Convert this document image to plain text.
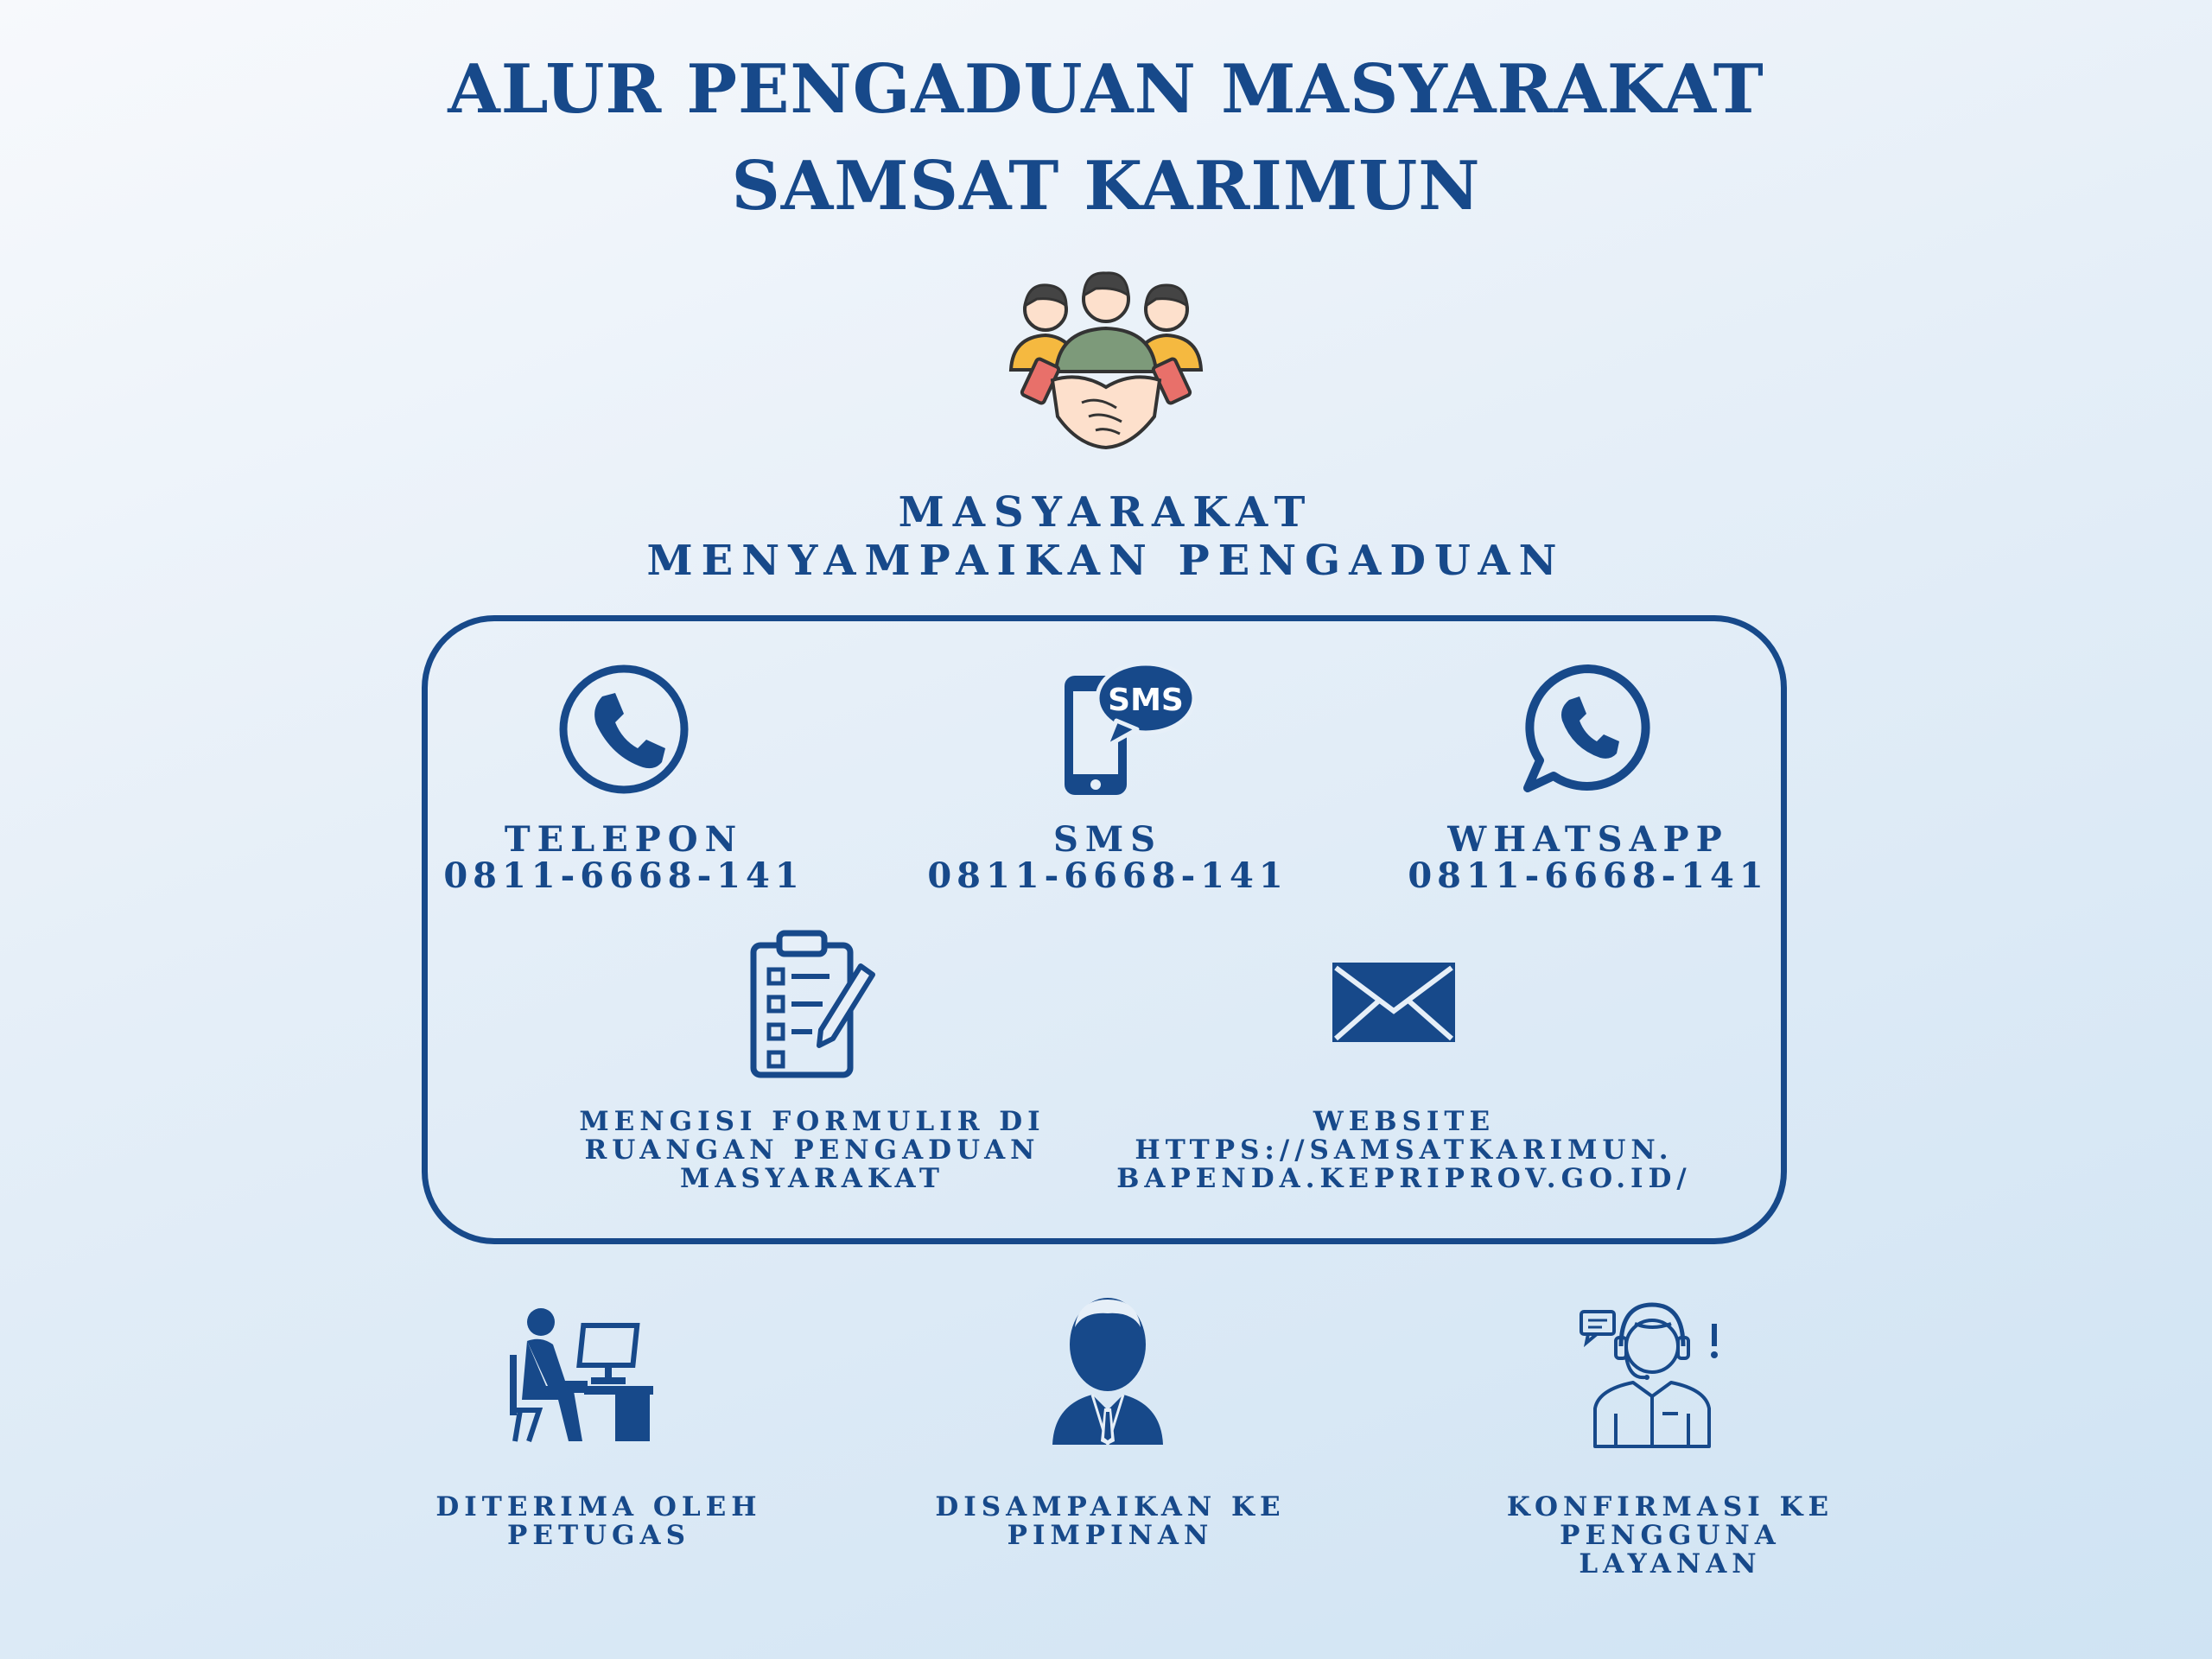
ALUR PENGADUAN MASYARAKAT
SAMSAT KARIMUN
MASYARAKAT
MENYAMPAIKAN PENGADUAN
TELEPON
0811-6668-141
SMS
SMS
0811-6668-141
WHATSAPP
0811-6668-141
MENGISI FORMULIR DI
RUANGAN PENGADUAN
MASYARAKAT
WEBSITE
HTTPS://SAMSATKARIMUN.
BAPENDA.KEPRIPROV.GO.ID/
DITERIMA OLEH
PETUGAS
DISAMPAIKAN KE
PIMPINAN
KONFIRMASI KE
PENGGUNA
LAYANAN
